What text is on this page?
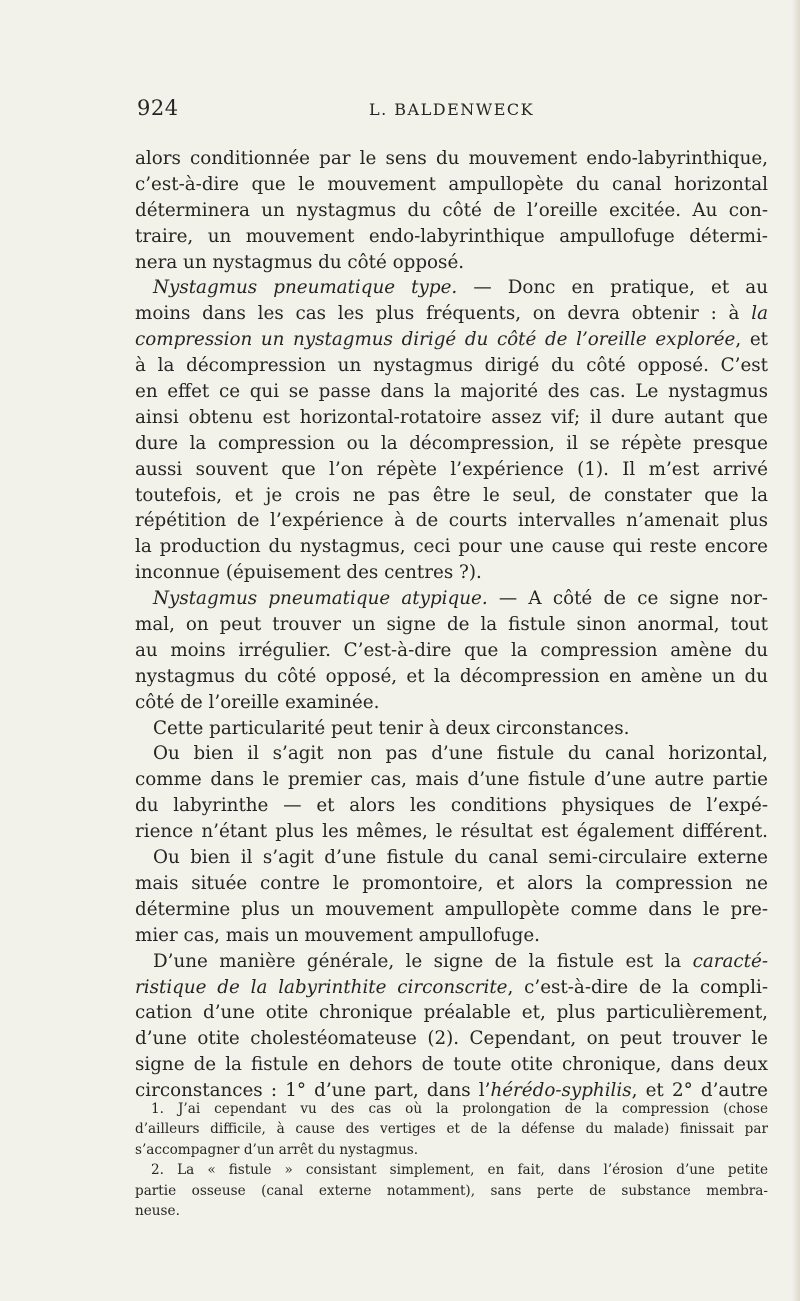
924	L. BALDENWECK
alors conditionnée par le sens du mouvement endo-labyrinthique,
c’est-à-dire que le mouvement ampullopète du canal horizontal
déterminera un nystagmus du côté de l’oreille excitée. Au con-
traire, un mouvement endo-labyrinthique ampullofuge détermi-
nera un nystagmus du côté opposé.
Nystagmus pneumatique type. — Donc en pratique, et au
moins dans les cas les plus fréquents, on devra obtenir : à la
compression un nystagmus dirigé du côté de l’oreille explorée, et
à la décompression un nystagmus dirigé du côté opposé. C’est
en effet ce qui se passe dans la majorité des cas. Le nystagmus
ainsi obtenu est horizontal-rotatoire assez vif; il dure autant que
dure la compression ou la décompression, il se répète presque
aussi souvent que l’on répète l’expérience (1). Il m’est arrivé
toutefois, et je crois ne pas être le seul, de constater que la
répétition de l’expérience à de courts intervalles n’amenait plus
la production du nystagmus, ceci pour une cause qui reste encore
inconnue (épuisement des centres ?).
Nystagmus pneumatique atypique. — A côté de ce signe nor-
mal, on peut trouver un signe de la fistule sinon anormal, tout
au moins irrégulier. C’est-à-dire que la compression amène du
nystagmus du côté opposé, et la décompression en amène un du
côté de l’oreille examinée.
Cette particularité peut tenir à deux circonstances.
Ou bien il s’agit non pas d’une fistule du canal horizontal,
comme dans le premier cas, mais d’une fistule d’une autre partie
du labyrinthe — et alors les conditions physiques de l’expé-
rience n’étant plus les mêmes, le résultat est également différent.
Ou bien il s’agit d’une fistule du canal semi-circulaire externe
mais située contre le promontoire, et alors la compression ne
détermine plus un mouvement ampullopète comme dans le pre-
mier cas, mais un mouvement ampullofuge.
D’une manière générale, le signe de la fistule est la caracté-
ristique de la labyrinthite circonscrite, c’est-à-dire de la compli-
cation d’une otite chronique préalable et, plus particulièrement,
d’une otite cholestéomateuse (2). Cependant, on peut trouver le
signe de la fistule en dehors de toute otite chronique, dans deux
circonstances : 1° d’une part, dans l’hérédo-syphilis, et 2° d’autre
1. J’ai cependant vu des cas où la prolongation de la compression (chose
d’ailleurs difficile, à cause des vertiges et de la défense du malade) finissait par
s’accompagner d’un arrêt du nystagmus.
2. La « fistule » consistant simplement, en fait, dans l’érosion d’une petite
partie osseuse (canal externe notamment), sans perte de substance membra-
neuse.
